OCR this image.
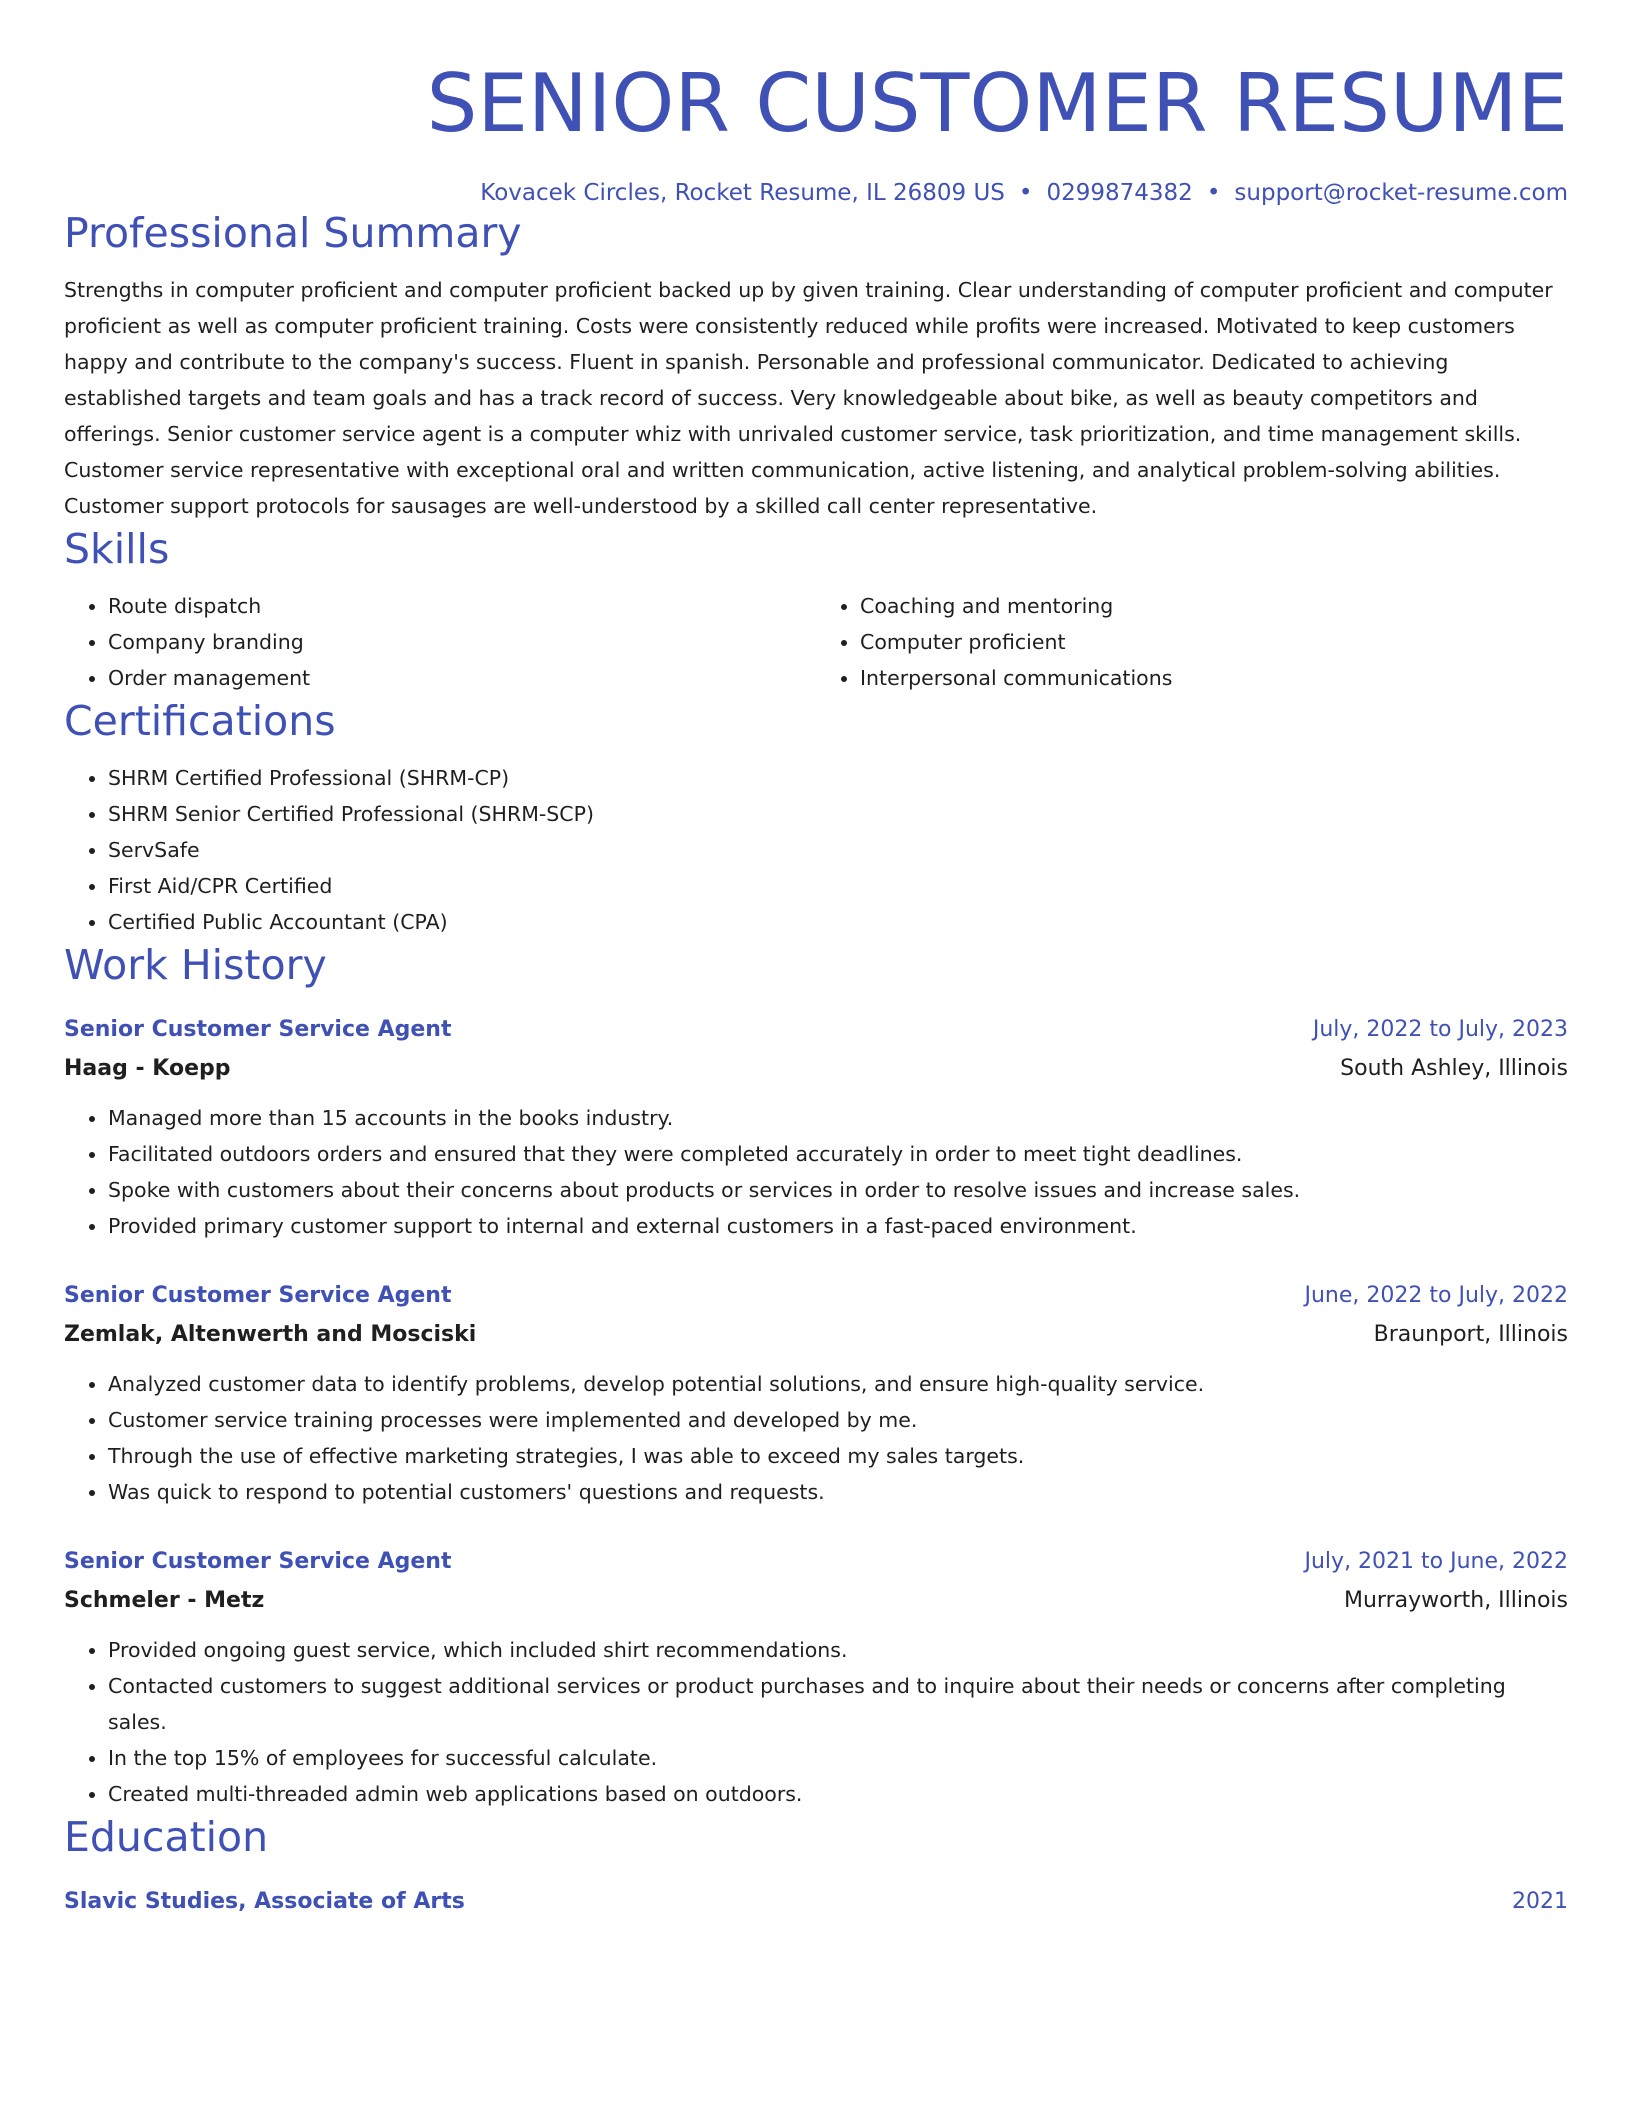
SENIOR CUSTOMER RESUME
Kovacek Circles, Rocket Resume, IL 26809 US • 0299874382 • support@rocket-resume.com
Professional Summary

Strengths in computer proficient and computer proficient backed up by given training. Clear understanding of computer proficient and computer proficient as well as computer proficient training. Costs were consistently reduced while profits were increased. Motivated to keep customers happy and contribute to the company's success. Fluent in spanish. Personable and professional communicator. Dedicated to achieving established targets and team goals and has a track record of success. Very knowledgeable about bike, as well as beauty competitors and offerings. Senior customer service agent is a computer whiz with unrivaled customer service, task prioritization, and time management skills. Customer service representative with exceptional oral and written communication, active listening, and analytical problem-solving abilities. Customer support protocols for sausages are well-understood by a skilled call center representative.

Skills
• Route dispatch
• Company branding
• Order management
• Coaching and mentoring
• Computer proficient
• Interpersonal communications
Certifications
• SHRM Certified Professional (SHRM-CP)
• SHRM Senior Certified Professional (SHRM-SCP)
• ServSafe
• First Aid/CPR Certified
• Certified Public Accountant (CPA)
Work History
Senior Customer Service Agent	July, 2022 to July, 2023
Haag - Koepp	South Ashley, Illinois
• Managed more than 15 accounts in the books industry.
• Facilitated outdoors orders and ensured that they were completed accurately in order to meet tight deadlines.
• Spoke with customers about their concerns about products or services in order to resolve issues and increase sales.
• Provided primary customer support to internal and external customers in a fast-paced environment.
Senior Customer Service Agent	June, 2022 to July, 2022
Zemlak, Altenwerth and Mosciski	Braunport, Illinois
• Analyzed customer data to identify problems, develop potential solutions, and ensure high-quality service.
• Customer service training processes were implemented and developed by me.
• Through the use of effective marketing strategies, I was able to exceed my sales targets.
• Was quick to respond to potential customers' questions and requests.
Senior Customer Service Agent	July, 2021 to June, 2022
Schmeler - Metz	Murrayworth, Illinois
• Provided ongoing guest service, which included shirt recommendations.
• Contacted customers to suggest additional services or product purchases and to inquire about their needs or concerns after completing sales.
• In the top 15% of employees for successful calculate.
• Created multi-threaded admin web applications based on outdoors.
Education
Slavic Studies, Associate of Arts	2021
